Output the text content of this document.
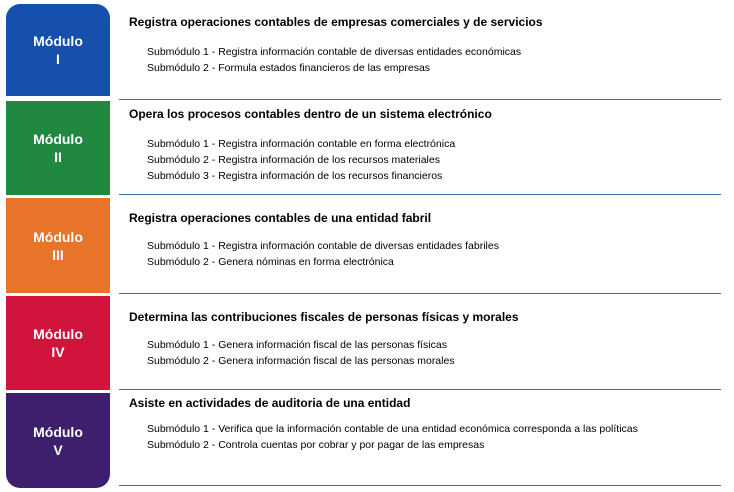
Módulo
I
Registra operaciones contables de empresas comerciales y de servicios
Submódulo 1 - Registra información contable de diversas entidades económicas
Submódulo 2 - Formula estados financieros de las empresas
Módulo
II
Opera los procesos contables dentro de un sistema electrónico
Submódulo 1 - Registra información contable en forma electrónica
Submódulo 2 - Registra información de los recursos materiales
Submódulo 3 - Registra información de los recursos financieros
Módulo
III
Registra operaciones contables de una entidad fabril
Submódulo 1 - Registra información contable de diversas entidades fabriles
Submódulo 2 - Genera nóminas en forma electrónica
Módulo
IV
Determina las contribuciones fiscales de personas físicas y morales
Submódulo 1 - Genera información fiscal de las personas físicas
Submódulo 2 - Genera información fiscal de las personas morales
Módulo
V
Asiste en actividades de auditoria de una entidad
Submódulo 1 - Verifica que la información contable de una entidad económica corresponda a las políticas
Submódulo 2 - Controla cuentas por cobrar y por pagar de las empresas
